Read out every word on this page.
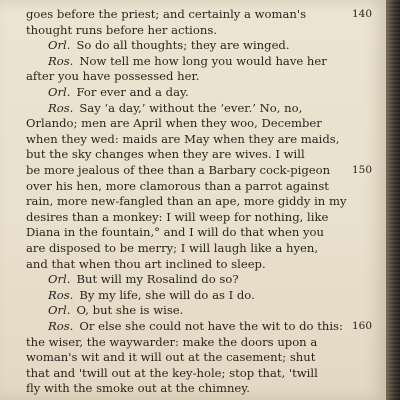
goes before the priest; and certainly a woman's
thought runs before her actions.
Orl. So do all thoughts; they are winged.
Ros. Now tell me how long you would have her
after you have possessed her.
Orl. For ever and a day.
Ros. Say ‘a day,’ without the ‘ever.’ No, no,
Orlando; men are April when they woo, December
when they wed: maids are May when they are maids,
but the sky changes when they are wives. I will
be more jealous of thee than a Barbary cock-pigeon
over his hen, more clamorous than a parrot against
rain, more new-fangled than an ape, more giddy in my
desires than a monkey: I will weep for nothing, like
Diana in the fountain,° and I will do that when you
are disposed to be merry; I will laugh like a hyen,
and that when thou art inclined to sleep.
Orl. But will my Rosalind do so?
Ros. By my life, she will do as I do.
Orl. O, but she is wise.
Ros. Or else she could not have the wit to do this:
the wiser, the waywarder: make the doors upon a
woman's wit and it will out at the casement; shut
that and 'twill out at the key-hole; stop that, 'twill
fly with the smoke out at the chimney.
140
150
160
